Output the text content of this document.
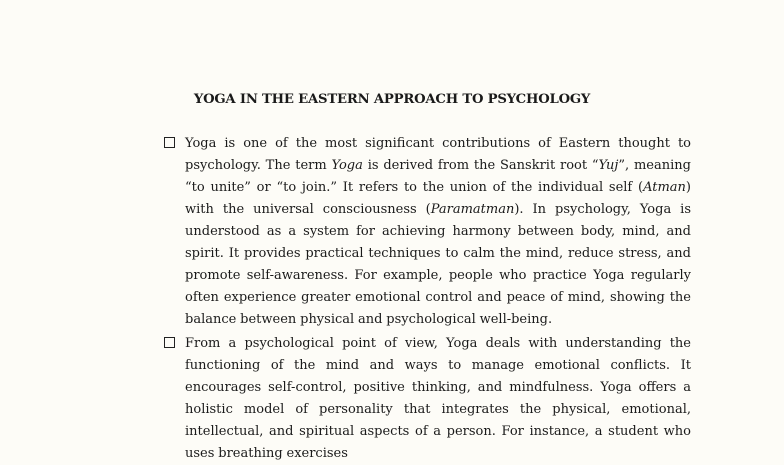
YOGA IN THE EASTERN APPROACH TO PSYCHOLOGY

Yoga is one of the most significant contributions of Eastern thought to psychology. The term Yoga is derived from the Sanskrit root “Yuj”, meaning “to unite” or “to join.” It refers to the union of the individual self (Atman) with the universal consciousness (Paramatman). In psychology, Yoga is understood as a system for achieving harmony between body, mind, and spirit. It provides practical techniques to calm the mind, reduce stress, and promote self-awareness. For example, people who practice Yoga regularly often experience greater emotional control and peace of mind, showing the balance between physical and psychological well-being.

From a psychological point of view, Yoga deals with understanding the functioning of the mind and ways to manage emotional conflicts. It encourages self-control, positive thinking, and mindfulness. Yoga offers a holistic model of personality that integrates the physical, emotional, intellectual, and spiritual aspects of a person. For instance, a student who uses breathing exercises
